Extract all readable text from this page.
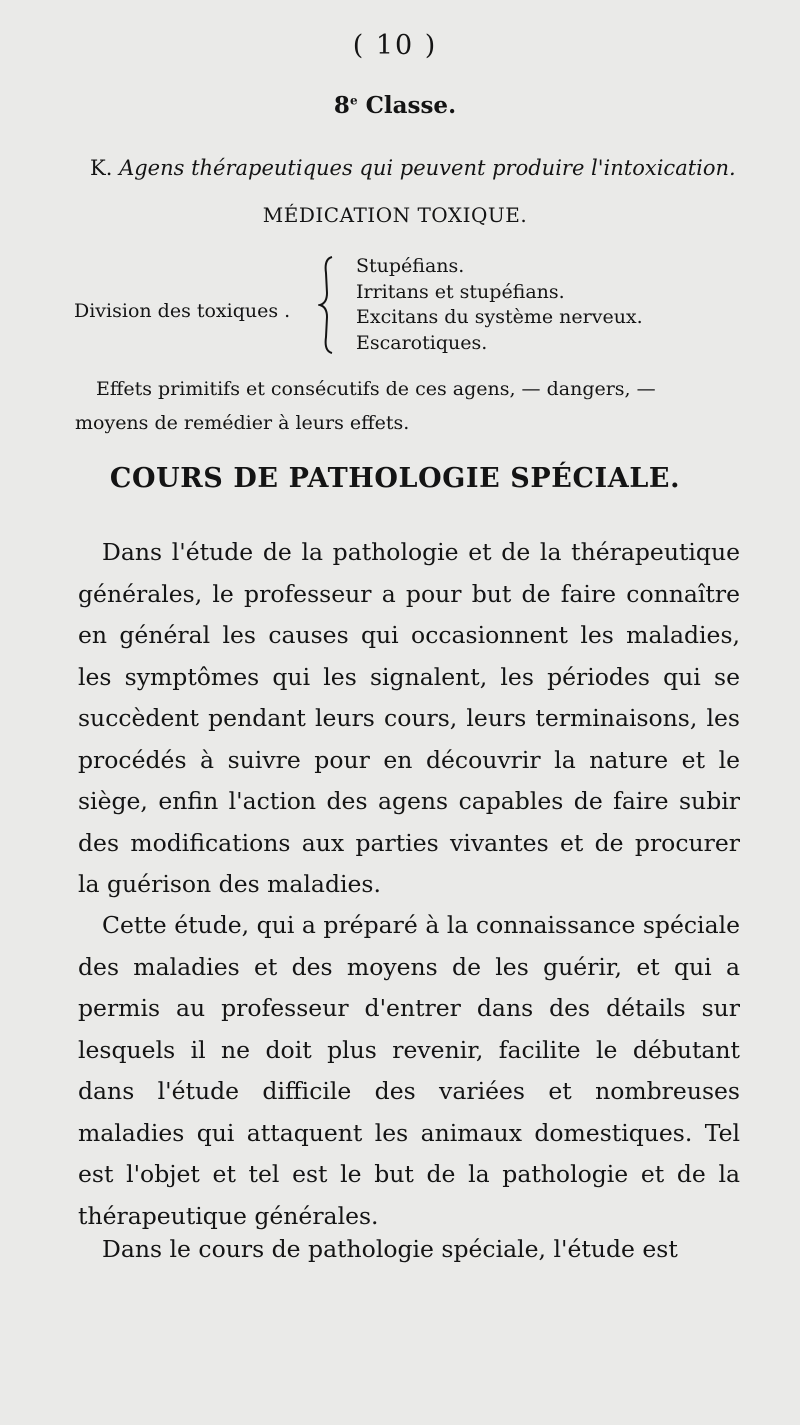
( 10 )
8e Classe.
K. Agens thérapeutiques qui peuvent produire l'intoxication.
MÉDICATION TOXIQUE.
Division des toxiques .
Stupéfians.
Irritans et stupéfians.
Excitans du système nerveux.
Escarotiques.
Effets primitifs et consécutifs de ces agens, — dangers, —
moyens de remédier à leurs effets.
COURS DE PATHOLOGIE SPÉCIALE.

Dans l'étude de la pathologie et de la thérapeutique générales, le professeur a pour but de faire connaître en général les causes qui occasionnent les maladies, les symptômes qui les signalent, les périodes qui se succèdent pendant leurs cours, leurs terminaisons, les procédés à suivre pour en découvrir la nature et le siège, enfin l'action des agens capables de faire subir des modifications aux parties vivantes et de procurer la guérison des maladies.

Cette étude, qui a préparé à la connaissance spéciale des maladies et des moyens de les guérir, et qui a permis au professeur d'entrer dans des détails sur lesquels il ne doit plus revenir, facilite le débutant dans l'étude difficile des variées et nombreuses maladies qui attaquent les animaux domestiques. Tel est l'objet et tel est le but de la pathologie et de la thérapeutique générales.

Dans le cours de pathologie spéciale, l'étude est
